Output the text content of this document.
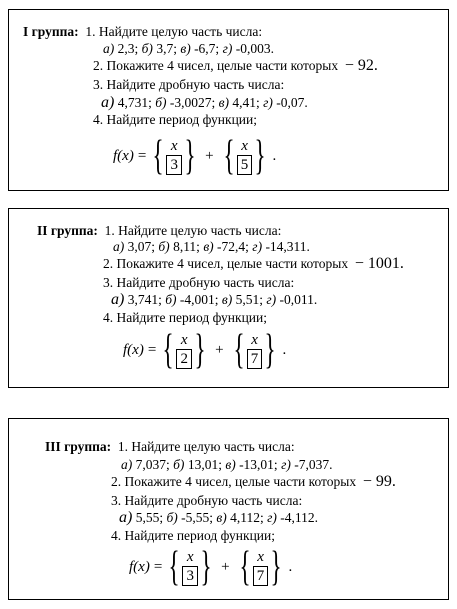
I группа: 1. Найдите целую часть числа:
а) 2,3; б) 3,7; в) -6,7; г) -0,003.
2. Покажите 4 чисел, целые части которых − 92.
3. Найдите дробную часть числа:
а) 4,731; б) -3,0027; в) 4,41; г) -0,07.
4. Найдите период функции;
f(x) = { $\frac{x}{3}$ } + { $\frac{x}{5}$ } .
II группа: 1. Найдите целую часть числа:
а) 3,07; б) 8,11; в) -72,4; г) -14,311.
2. Покажите 4 чисел, целые части которых − 1001.
3. Найдите дробную часть числа:
а) 3,741; б) -4,001; в) 5,51; г) -0,011.
4. Найдите период функции;
f(x) = { $\frac{x}{2}$ } + { $\frac{x}{7}$ } .
III группа: 1. Найдите целую часть числа:
а) 7,037; б) 13,01; в) -13,01; г) -7,037.
2. Покажите 4 чисел, целые части которых − 99.
3. Найдите дробную часть числа:
а) 5,55; б) -5,55; в) 4,112; г) -4,112.
4. Найдите период функции;
f(x) = { $\frac{x}{3}$ } + { $\frac{x}{7}$ } .
